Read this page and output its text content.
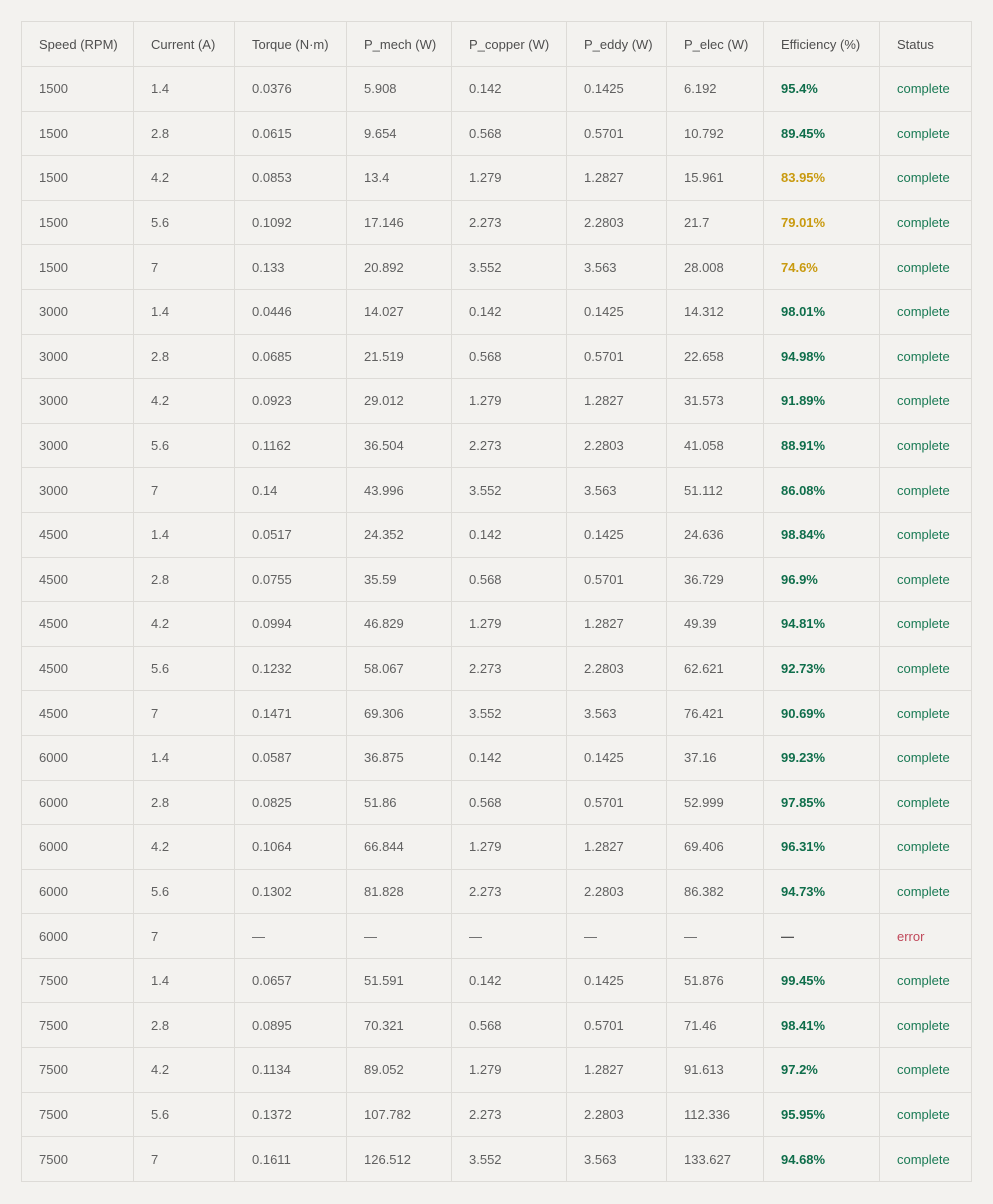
Speed (RPM)	Current (A)	Torque (N·m)	P_mech (W)	P_copper (W)	P_eddy (W)	P_elec (W)	Efficiency (%)	Status
1500	1.4	0.0376	5.908	0.142	0.1425	6.192	95.4%	complete
1500	2.8	0.0615	9.654	0.568	0.5701	10.792	89.45%	complete
1500	4.2	0.0853	13.4	1.279	1.2827	15.961	83.95%	complete
1500	5.6	0.1092	17.146	2.273	2.2803	21.7	79.01%	complete
1500	7	0.133	20.892	3.552	3.563	28.008	74.6%	complete
3000	1.4	0.0446	14.027	0.142	0.1425	14.312	98.01%	complete
3000	2.8	0.0685	21.519	0.568	0.5701	22.658	94.98%	complete
3000	4.2	0.0923	29.012	1.279	1.2827	31.573	91.89%	complete
3000	5.6	0.1162	36.504	2.273	2.2803	41.058	88.91%	complete
3000	7	0.14	43.996	3.552	3.563	51.112	86.08%	complete
4500	1.4	0.0517	24.352	0.142	0.1425	24.636	98.84%	complete
4500	2.8	0.0755	35.59	0.568	0.5701	36.729	96.9%	complete
4500	4.2	0.0994	46.829	1.279	1.2827	49.39	94.81%	complete
4500	5.6	0.1232	58.067	2.273	2.2803	62.621	92.73%	complete
4500	7	0.1471	69.306	3.552	3.563	76.421	90.69%	complete
6000	1.4	0.0587	36.875	0.142	0.1425	37.16	99.23%	complete
6000	2.8	0.0825	51.86	0.568	0.5701	52.999	97.85%	complete
6000	4.2	0.1064	66.844	1.279	1.2827	69.406	96.31%	complete
6000	5.6	0.1302	81.828	2.273	2.2803	86.382	94.73%	complete
6000	7	—	—	—	—	—	—	error
7500	1.4	0.0657	51.591	0.142	0.1425	51.876	99.45%	complete
7500	2.8	0.0895	70.321	0.568	0.5701	71.46	98.41%	complete
7500	4.2	0.1134	89.052	1.279	1.2827	91.613	97.2%	complete
7500	5.6	0.1372	107.782	2.273	2.2803	112.336	95.95%	complete
7500	7	0.1611	126.512	3.552	3.563	133.627	94.68%	complete
